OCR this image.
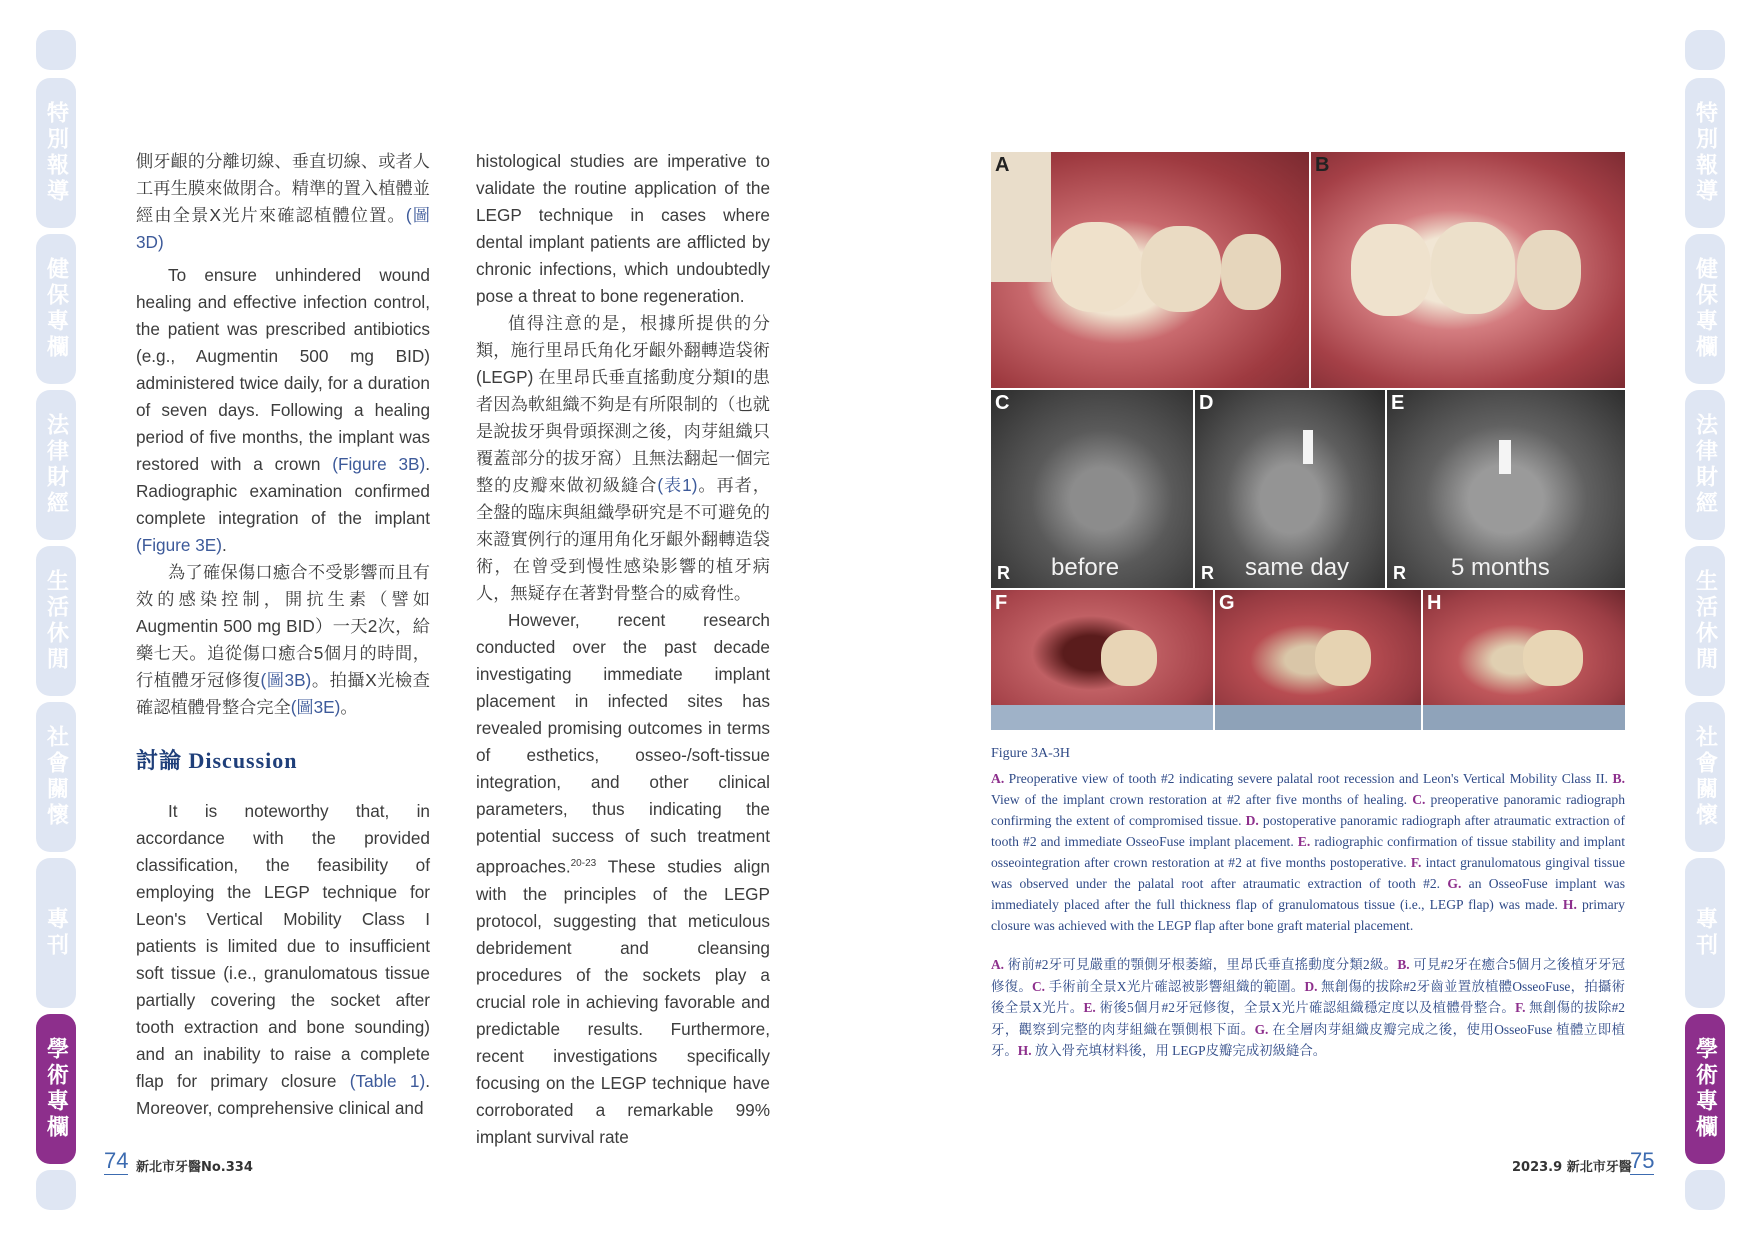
特別報導
健保專欄
法律財經
生活休閒
社會關懷
專刊
學術專欄
特別報導
健保專欄
法律財經
生活休閒
社會關懷
專刊
學術專欄

側牙齦的分離切線、垂直切線、或者人工再生膜來做閉合。精準的置入植體並經由全景X光片來確認植體位置。(圖3D)

To ensure unhindered wound healing and effective infection control, the patient was prescribed antibiotics (e.g., Augmentin 500 mg BID) administered twice daily, for a duration of seven days. Following a healing period of five months, the implant was restored with a crown (Figure 3B). Radiographic examination confirmed complete integration of the implant (Figure 3E).

為了確保傷口癒合不受影響而且有效的感染控制，開抗生素（譬如Augmentin 500 mg BID）一天2次，給藥七天。追從傷口癒合5個月的時間，行植體牙冠修復(圖3B)。拍攝X光檢查確認植體骨整合完全(圖3E)。

討論 Discussion

It is noteworthy that, in accordance with the provided classification, the feasibility of employing the LEGP technique for Leon's Vertical Mobility Class I patients is limited due to insufficient soft tissue (i.e., granulomatous tissue partially covering the socket after tooth extraction and bone sounding) and an inability to raise a complete flap for primary closure (Table 1). Moreover, comprehensive clinical and

histological studies are imperative to validate the routine application of the LEGP technique in cases where dental implant patients are afflicted by chronic infections, which undoubtedly pose a threat to bone regeneration.

值得注意的是，根據所提供的分類，施行里昂氏角化牙齦外翻轉造袋術(LEGP) 在里昂氏垂直搖動度分類Ⅰ的患者因為軟組織不夠是有所限制的（也就是說拔牙與骨頭探測之後，肉芽組織只覆蓋部分的拔牙窩）且無法翻起一個完整的皮瓣來做初級縫合(表1)。再者，全盤的臨床與組織學研究是不可避免的來證實例行的運用角化牙齦外翻轉造袋術，在曾受到慢性感染影響的植牙病人，無疑存在著對骨整合的威脅性。

However, recent research conducted over the past decade investigating immediate implant placement in infected sites has revealed promising outcomes in terms of esthetics, osseo-/soft-tissue integration, and other clinical parameters, thus indicating the potential success of such treatment approaches.$^{20-23}$ These studies align with the principles of the LEGP protocol, suggesting that meticulous debridement and cleansing procedures of the sockets play a crucial role in achieving favorable and predictable results. Furthermore, recent investigations specifically focusing on the LEGP technique have corroborated a remarkable 99% implant survival rate

74 新北市牙醫No.334
A	B
C
R before
D
R same day
E
R 5 months
F	G	H
Figure 3A-3H
A. Preoperative view of tooth #2 indicating severe palatal root recession and Leon's Vertical Mobility Class II. B. View of the implant crown restoration at #2 after five months of healing. C. preoperative panoramic radiograph confirming the extent of compromised tissue. D. postoperative panoramic radiograph after atraumatic extraction of tooth #2 and immediate OsseoFuse implant placement. E. radiographic confirmation of tissue stability and implant osseointegration after crown restoration at #2 at five months postoperative. F. intact granulomatous gingival tissue was observed under the palatal root after atraumatic extraction of tooth #2. G. an OsseoFuse implant was immediately placed after the full thickness flap of granulomatous tissue (i.e., LEGP flap) was made. H. primary closure was achieved with the LEGP flap after bone graft material placement.
A. 術前#2牙可見嚴重的顎側牙根萎縮，里昂氏垂直搖動度分類2級。B. 可見#2牙在癒合5個月之後植牙牙冠修復。C. 手術前全景X光片確認被影響組織的範圍。D. 無創傷的拔除#2牙齒並置放植體OsseoFuse，拍攝術後全景X光片。E. 術後5個月#2牙冠修復，全景X光片確認組織穩定度以及植體骨整合。F. 無創傷的拔除#2牙，觀察到完整的肉芽組織在顎側根下面。G. 在全層肉芽組織皮瓣完成之後，使用OsseoFuse 植體立即植牙。H. 放入骨充填材料後，用 LEGP皮瓣完成初級縫合。
2023.9 新北市牙醫
75
